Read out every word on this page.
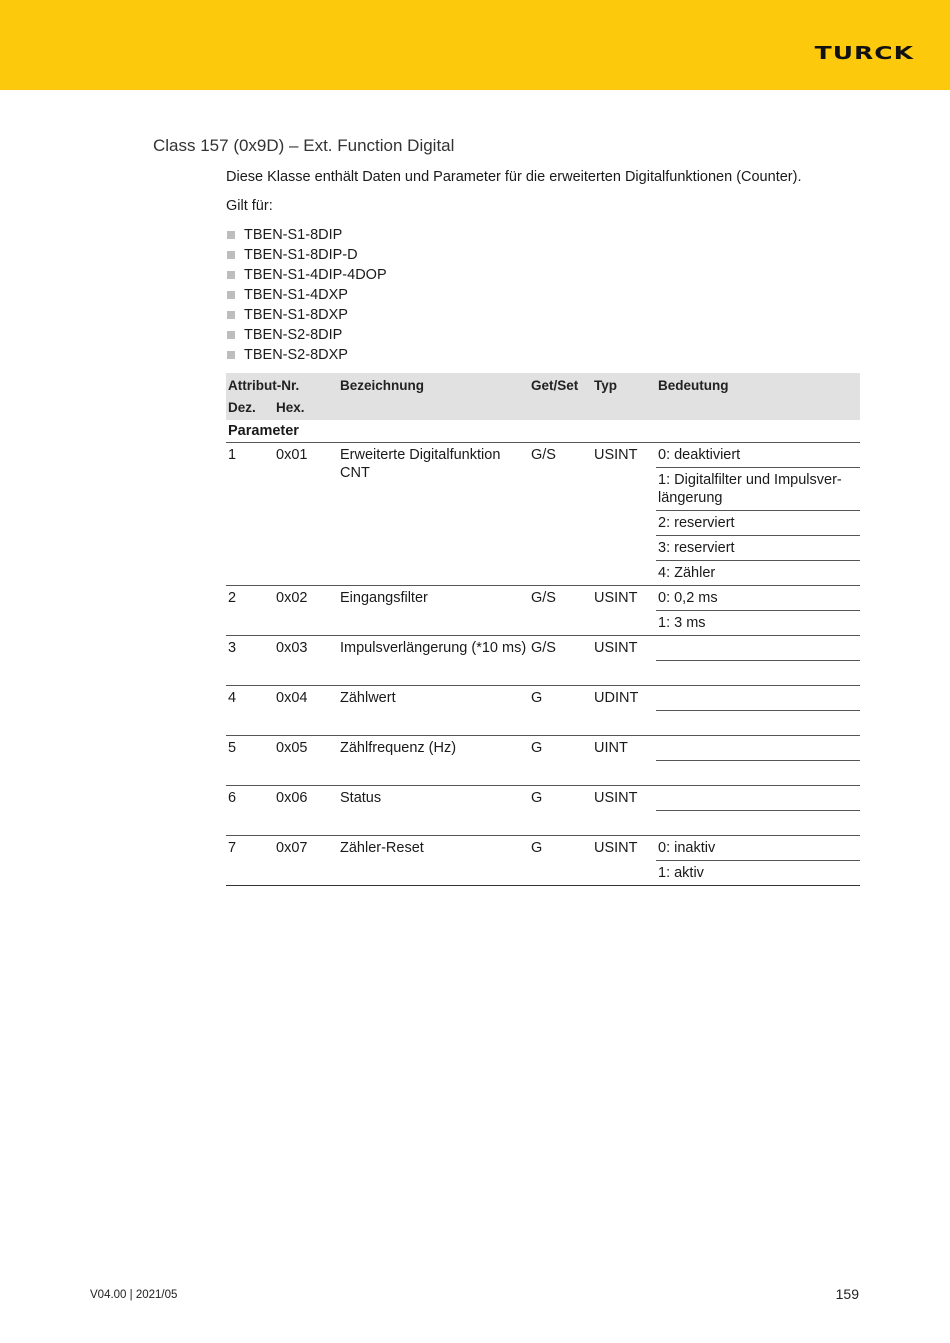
TURCK
Class 157 (0x9D) – Ext. Function Digital
Diese Klasse enthält Daten und Parameter für die erweiterten Digitalfunktionen (Counter).
Gilt für:
TBEN-S1-8DIP
TBEN-S1-8DIP-D
TBEN-S1-4DIP-4DOP
TBEN-S1-4DXP
TBEN-S1-8DXP
TBEN-S2-8DIP
TBEN-S2-8DXP
Attribut-Nr.		Bezeichnung	Get/Set	Typ	Bedeutung
Dez.	Hex.				
Parameter					
1	0x01	Erweiterte Digitalfunktion CNT	G/S	USINT	0: deaktiviert
					1: Digitalfilter und Impulsver-längerung
					2: reserviert
					3: reserviert
					4: Zähler
2	0x02	Eingangsfilter	G/S	USINT	0: 0,2 ms
					1: 3 ms
3	0x03	Impulsverlängerung (*10 ms)	G/S	USINT	

4	0x04	Zählwert	G	UDINT	

5	0x05	Zählfrequenz (Hz)	G	UINT	

6	0x06	Status	G	USINT	

7	0x07	Zähler-Reset	G	USINT	0: inaktiv
					1: aktiv
V04.00 | 2021/05	159
